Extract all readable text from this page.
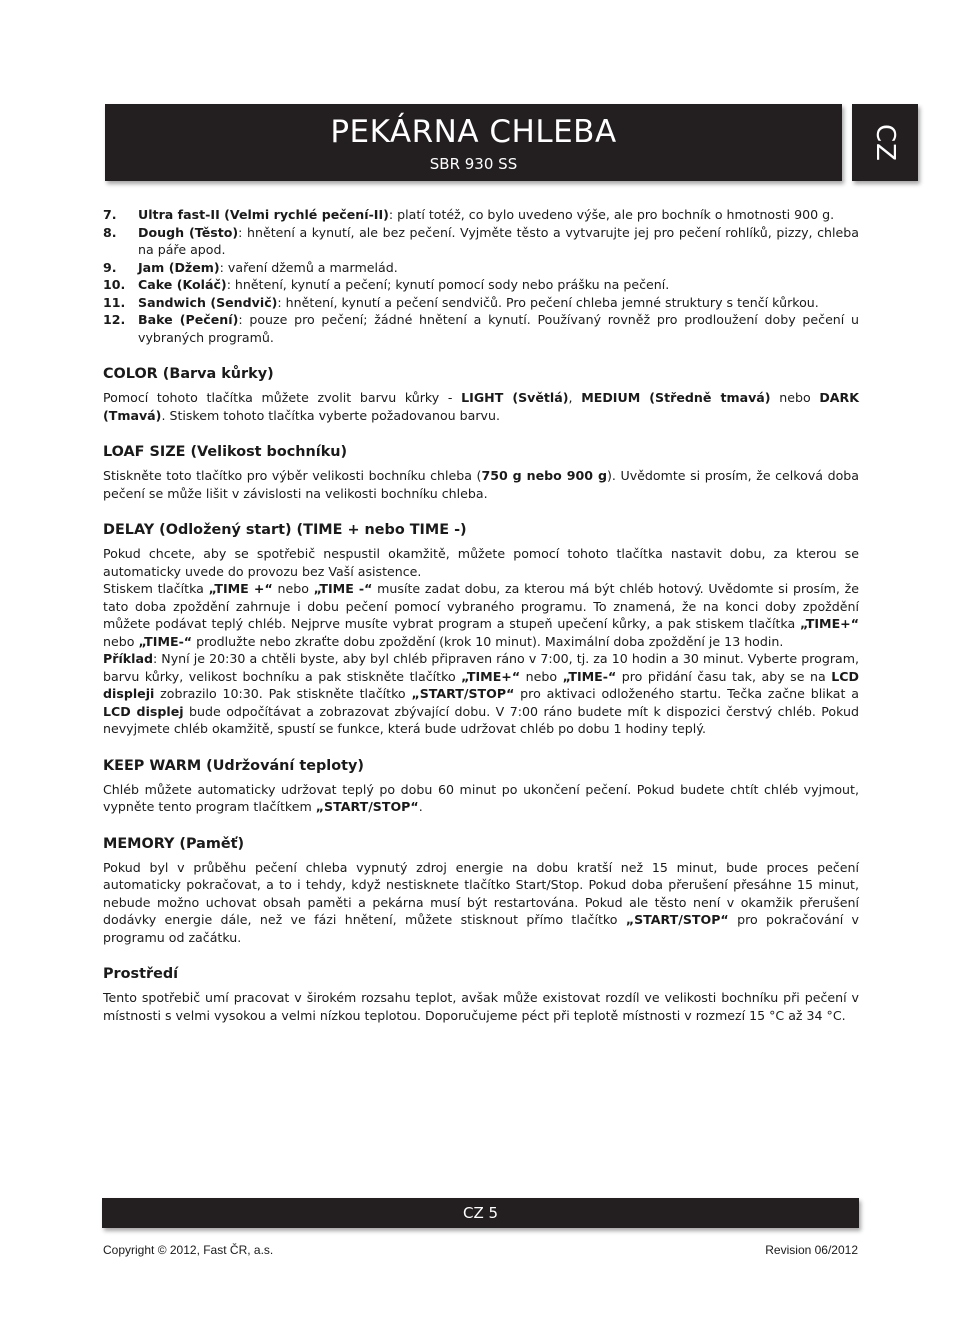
PEKÁRNA CHLEBA
SBR 930 SS
CZ
7.	Ultra fast-II (Velmi rychlé pečení-II): platí totéž, co bylo uvedeno výše, ale pro bochník o hmotnosti 900 g.
8.	Dough (Těsto): hnětení a kynutí, ale bez pečení. Vyjměte těsto a vytvarujte jej pro pečení rohlíků, pizzy, chleba na páře apod.
9.	Jam (Džem): vaření džemů a marmelád.
10.	Cake (Koláč): hnětení, kynutí a pečení; kynutí pomocí sody nebo prášku na pečení.
11.	Sandwich (Sendvič): hnětení, kynutí a pečení sendvičů. Pro pečení chleba jemné struktury s tenčí kůrkou.
12.	Bake (Pečení): pouze pro pečení; žádné hnětení a kynutí. Používaný rovněž pro prodloužení doby pečení u vybraných programů.
COLOR (Barva kůrky)

Pomocí tohoto tlačítka můžete zvolit barvu kůrky - LIGHT (Světlá), MEDIUM (Středně tmavá) nebo DARK (Tmavá). Stiskem tohoto tlačítka vyberte požadovanou barvu.

LOAF SIZE (Velikost bochníku)

Stiskněte toto tlačítko pro výběr velikosti bochníku chleba (750 g nebo 900 g). Uvědomte si prosím, že celková doba pečení se může lišit v závislosti na velikosti bochníku chleba.

DELAY (Odložený start) (TIME + nebo TIME -)

Pokud chcete, aby se spotřebič nespustil okamžitě, můžete pomocí tohoto tlačítka nastavit dobu, za kterou se automaticky uvede do provozu bez Vaší asistence.

Stiskem tlačítka „TIME +“ nebo „TIME -“ musíte zadat dobu, za kterou má být chléb hotový. Uvědomte si prosím, že tato doba zpoždění zahrnuje i dobu pečení pomocí vybraného programu. To znamená, že na konci doby zpoždění můžete podávat teplý chléb. Nejprve musíte vybrat program a stupeň upečení kůrky, a pak stiskem tlačítka „TIME+“ nebo „TIME-“ prodlužte nebo zkraťte dobu zpoždění (krok 10 minut). Maximální doba zpoždění je 13 hodin.

Příklad: Nyní je 20:30 a chtěli byste, aby byl chléb připraven ráno v 7:00, tj. za 10 hodin a 30 minut. Vyberte program, barvu kůrky, velikost bochníku a pak stiskněte tlačítko „TIME+“ nebo „TIME-“ pro přidání času tak, aby se na LCD displeji zobrazilo 10:30. Pak stiskněte tlačítko „START/STOP“ pro aktivaci odloženého startu. Tečka začne blikat a LCD displej bude odpočítávat a zobrazovat zbývající dobu. V 7:00 ráno budete mít k dispozici čerstvý chléb. Pokud nevyjmete chléb okamžitě, spustí se funkce, která bude udržovat chléb po dobu 1 hodiny teplý.

KEEP WARM (Udržování teploty)

Chléb můžete automaticky udržovat teplý po dobu 60 minut po ukončení pečení. Pokud budete chtít chléb vyjmout, vypněte tento program tlačítkem „START/STOP“.

MEMORY (Paměť)

Pokud byl v průběhu pečení chleba vypnutý zdroj energie na dobu kratší než 15 minut, bude proces pečení automaticky pokračovat, a to i tehdy, když nestisknete tlačítko Start/Stop. Pokud doba přerušení přesáhne 15 minut, nebude možno uchovat obsah paměti a pekárna musí být restartována. Pokud ale těsto není v okamžik přerušení dodávky energie dále, než ve fázi hnětení, můžete stisknout přímo tlačítko „START/STOP“ pro pokračování v programu od začátku.

Prostředí

Tento spotřebič umí pracovat v širokém rozsahu teplot, avšak může existovat rozdíl ve velikosti bochníku při pečení v místnosti s velmi vysokou a velmi nízkou teplotou. Doporučujeme péct při teplotě místnosti v rozmezí 15 °C až 34 °C.

CZ 5
Copyright © 2012, Fast ČR, a.s.	Revision 06/2012
